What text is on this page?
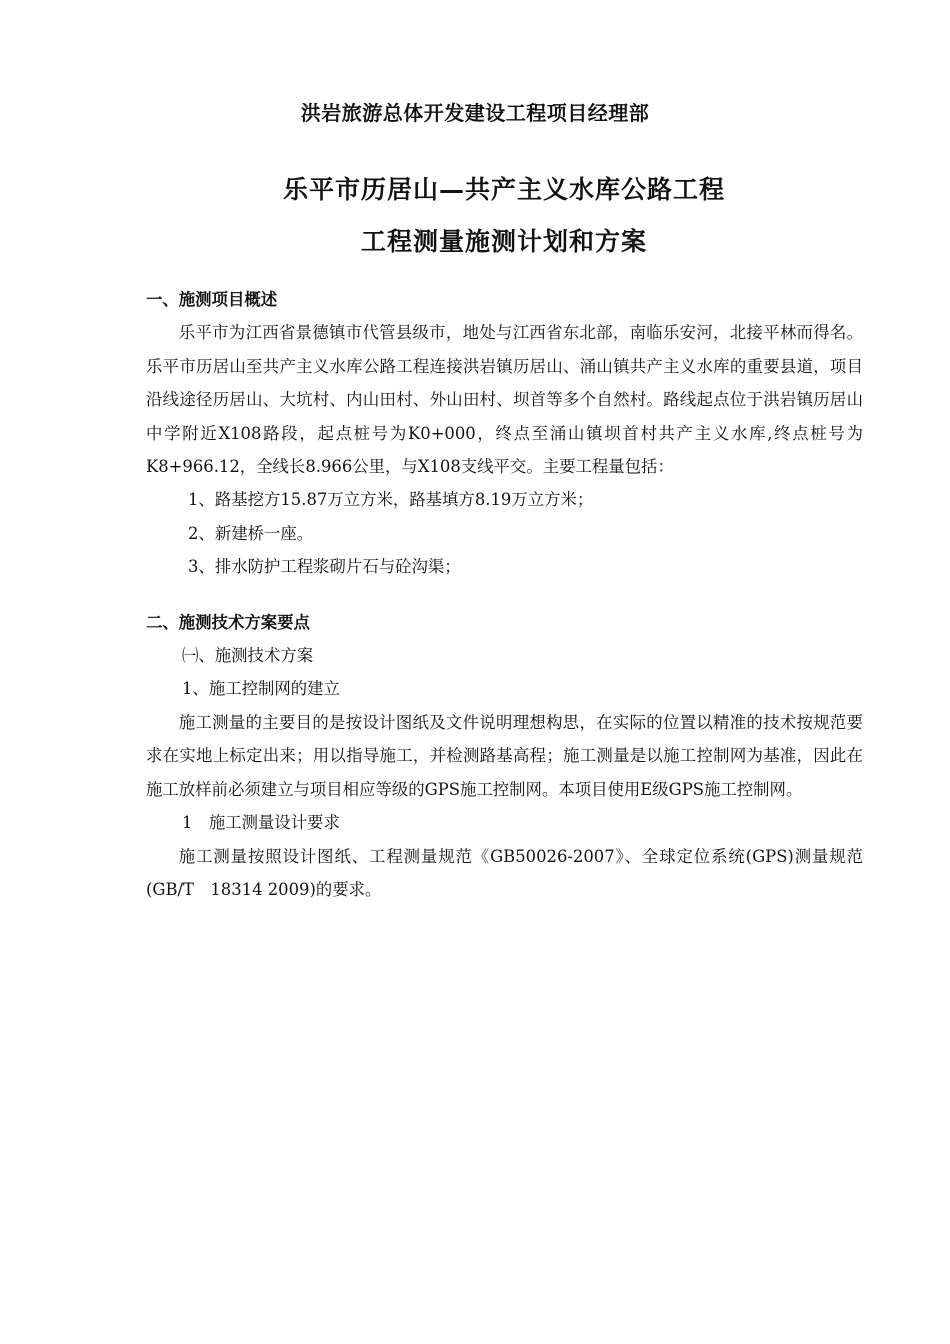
洪岩旅游总体开发建设工程项目经理部
乐平市历居山—共产主义水库公路工程
工程测量施测计划和方案

一、施测项目概述

乐平市为江西省景德镇市代管县级市，地处与江西省东北部，南临乐安河，北接平林而得名。乐平市历居山至共产主义水库公路工程连接洪岩镇历居山、涌山镇共产主义水库的重要县道，项目沿线途径历居山、大坑村、内山田村、外山田村、坝首等多个自然村。路线起点位于洪岩镇历居山中学附近X108路段，起点桩号为K0+000，终点至涌山镇坝首村共产主义水库,终点桩号为K8+966.12，全线长8.966公里，与X108支线平交。主要工程量包括：

1、路基挖方15.87万立方米，路基填方8.19万立方米；

2、新建桥一座。

3、排水防护工程浆砌片石与砼沟渠；

二、施测技术方案要点

㈠、施测技术方案

1、施工控制网的建立

施工测量的主要目的是按设计图纸及文件说明理想构思，在实际的位置以精准的技术按规范要求在实地上标定出来；用以指导施工，并检测路基高程；施工测量是以施工控制网为基准，因此在施工放样前必须建立与项目相应等级的GPS施工控制网。本项目使用E级GPS施工控制网。

1　施工测量设计要求

施工测量按照设计图纸、工程测量规范《GB50026-2007》、全球定位系统(GPS)测量规范(GB/T　18314 2009)的要求。
